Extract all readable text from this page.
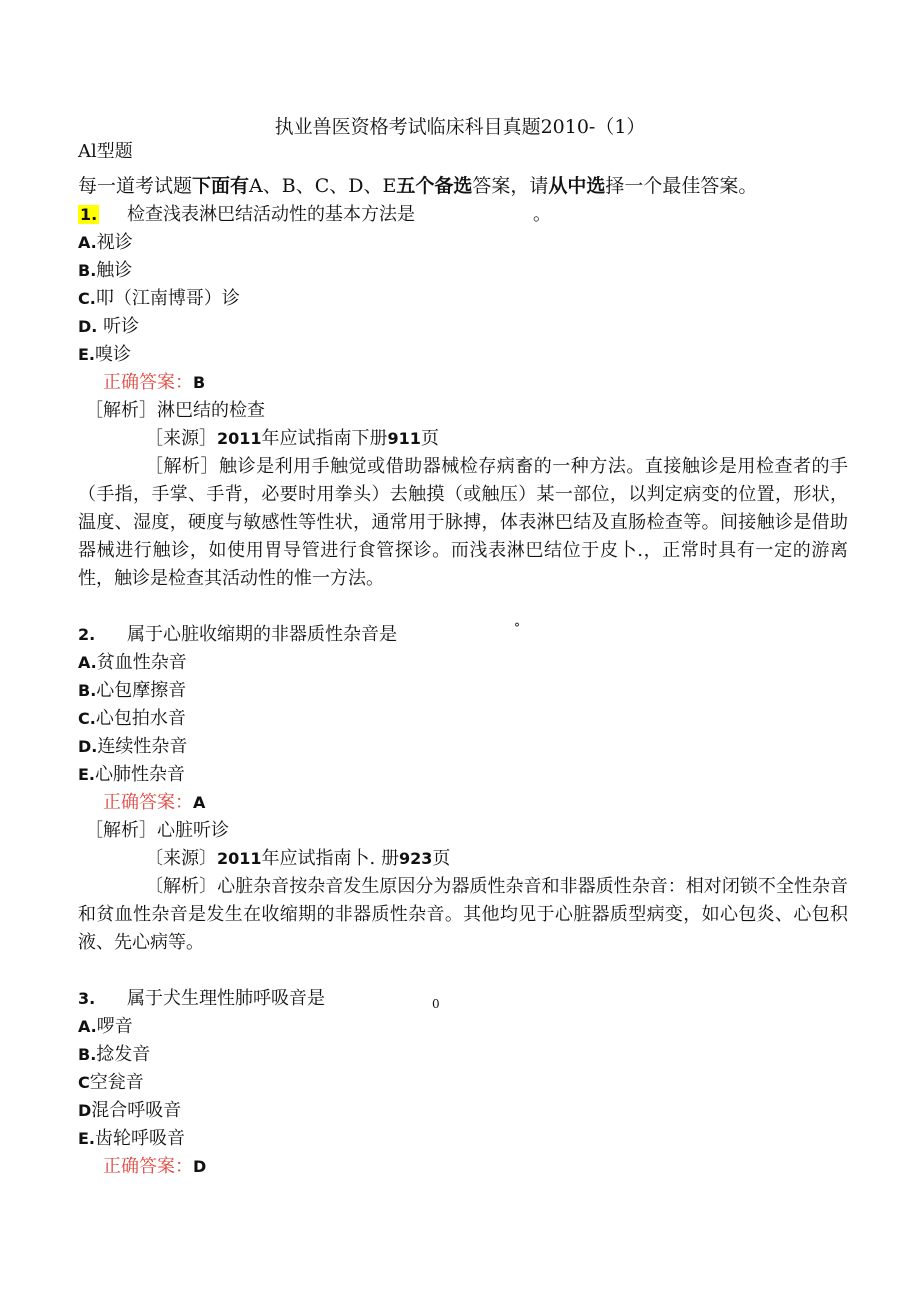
执业兽医资格考试临床科目真题2010-（1）
Al型题
每一道考试题下面有A、B、C、D、E五个备选答案，请从中选择一个最佳答案。
1. 检查浅表淋巴结活动性的基本方法是	。
A.视诊
B.触诊
C.叩（江南博哥）诊
D. 听诊
E.嗅诊
正确答案：B
［解析］淋巴结的检查
［来源］2011年应试指南下册911页
［解析］触诊是利用手触觉或借助器械检存病畜的一种方法。直接触诊是用检查者的手（手指，手掌、手背，必要时用拳头）去触摸（或触压）某一部位，以判定病变的位置，形状，温度、湿度，硬度与敏感性等性状，通常用于脉搏，体表淋巴结及直肠检查等。间接触诊是借助器械进行触诊，如使用胃导管进行食管探诊。而浅表淋巴结位于皮卜.，正常时具有一定的游离性，触诊是检查其活动性的惟一方法。
2. 属于心脏收缩期的非器质性杂音是	°
A.贫血性杂音
B.心包摩擦音
C.心包拍水音
D.连续性杂音
E.心肺性杂音
正确答案：A
［解析］心脏听诊
〔来源〕2011年应试指南卜. 册923页
〔解析〕心脏杂音按杂音发生原因分为器质性杂音和非器质性杂音：相对闭锁不全性杂音和贫血性杂音是发生在收缩期的非器质性杂音。其他均见于心脏器质型病变，如心包炎、心包积液、先心病等。
3. 属于犬生理性肺呼吸音是	0
A.啰音
B.捻发音
C空瓮音
D混合呼吸音
E.齿轮呼吸音
正确答案：D
